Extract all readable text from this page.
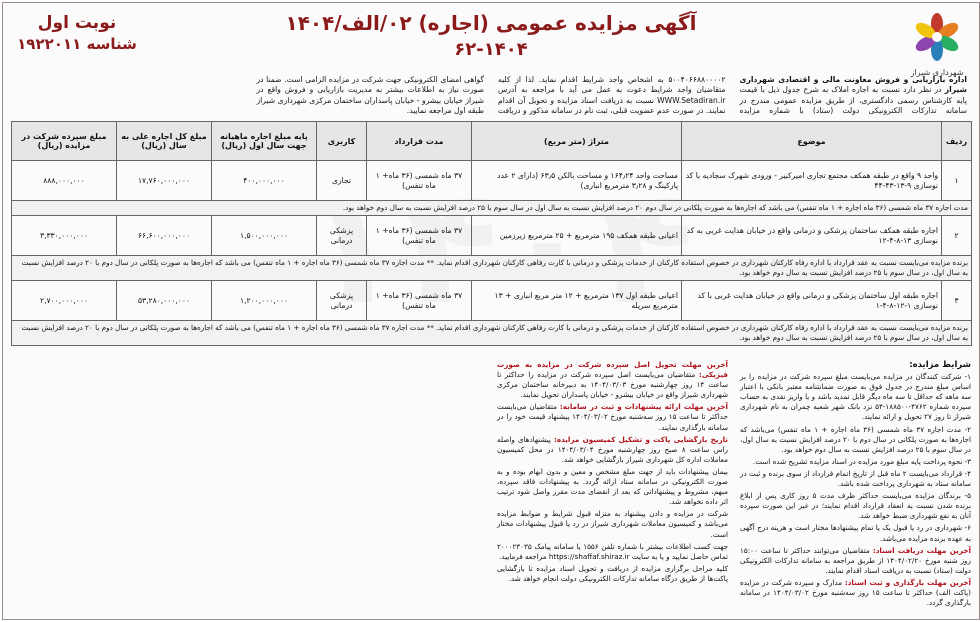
شهرداری شیراز
آگهی مزایده عمومی (اجاره) ۰۲/الف/۱۴۰۴
۶۲-۱۴۰۴
نوبت اول
شناسه ۱۹۲۲۰۱۱
اداره بازاریابی و فروش معاونت مالی و اقتصادی شهرداری شیراز در نظر دارد نسبت به اجاره املاک به شرح جدول ذیل با قیمت پایه کارشناس رسمی دادگستری، از طریق مزایده عمومی مندرج در سامانه تدارکات الکترونیکی دولت (ستاد) با شماره مزایده ۵۰۰۴۰۶۶۸۸۰۰۰۰۲ به اشخاص واجد شرایط اقدام نماید. لذا از کلیه متقاضیان واجد شرایط دعوت به عمل می آید با مراجعه به آدرس WWW.Setadiran.ir نسبت به دریافت اسناد مزایده و تحویل آن اقدام نمایند. در صورت عدم عضویت قبلی، ثبت نام در سامانه مذکور و دریافت گواهی امضای الکترونیکی جهت شرکت در مزایده الزامی است. ضمنا در صورت نیاز به اطلاعات بیشتر به مدیریت بازاریابی و فروش واقع در شیراز خیابان بیشرو - خیابان پاسداران ساختمان مرکزی شهرداری شیراز طبقه اول مراجعه نمایید.
ردیف	موضوع	متراژ (متر مربع)	مدت قرارداد	کاربری	پایه مبلغ اجاره ماهیانه جهت سال اول (ریال)	مبلغ کل اجاره علی به سال (ریال)	مبلغ سپرده شرکت در مزایده (ریال)
۱	واحد ۹ واقع در طبقه همکف مجتمع تجاری امیرکبیر - ورودی شهرک سجادیه با کد نوسازی ۹-۱۳-۴۳-۴۴	مساحت واحد ۱۶۴٫۲۴ و مساحت بالکن ۶۳٫۵ (دارای ۲ عدد پارکینگ و ۳٫۲۸ مترمربع انباری)	۳۷ ماه شمسی (۳۶ ماه+ ۱ ماه تنفس)	تجاری	۴۰۰,۰۰۰,۰۰۰	۱۷,۷۶۰,۰۰۰,۰۰۰	۸۸۸,۰۰۰,۰۰۰
مدت اجاره ۳۷ ماه شمسی (۳۶ ماه اجاره + ۱ ماه تنفس) می باشد که اجاره‌ها به صورت پلکانی در سال دوم ۲۰ درصد افزایش نسبت به سال اول در سال سوم با ۲۵ درصد افزایش نسبت به سال دوم خواهد بود.							
۲	اجاره طبقه همکف ساختمان پزشکی و درمانی واقع در خیابان هدایت غربی به کد نوسازی ۱۳-۸-۴-۱۲	اعیانی طبقه همکف ۱۹۵ مترمربع + ۲۵ مترمربع زیرزمین	۳۷ ماه شمسی (۳۶ ماه+ ۱ ماه تنفس)	پزشکی درمانی	۱,۵۰۰,۰۰۰,۰۰۰	۶۶,۶۰۰,۰۰۰,۰۰۰	۳,۳۳۰,۰۰۰,۰۰۰
برنده مزایده می‌بایست نسبت به عقد قرارداد با اداره رفاه کارکنان شهرداری در خصوص استفاده کارکنان از خدمات پزشکی و درمانی با کارت رفاهی کارکنان شهرداری اقدام نماید. ** مدت اجاره ۳۷ ماه شمسی (۳۶ ماه اجاره + ۱ ماه تنفس) می باشد که اجاره‌ها به صورت پلکانی در سال دوم با ۲۰ درصد افزایش نسبت به سال اول، در سال سوم با ۲۵ درصد افزایش نسبت به سال دوم خواهد بود.							
۳	اجاره طبقه اول ساختمان پزشکی و درمانی واقع در خیابان هدایت غربی با کد نوسازی ۱-۱۲-۸-۴-۱	اعیانی طبقه اول ۱۳۷ مترمربع + ۱۲ متر مربع انباری + ۱۳ مترمربع سرپله	۳۷ ماه شمسی (۳۶ ماه+ ۱ ماه تنفس)	پزشکی درمانی	۱,۲۰۰,۰۰۰,۰۰۰	۵۳,۲۸۰,۰۰۰,۰۰۰	۲,۷۰۰,۰۰۰,۰۰۰
برنده مزایده می‌بایست نسبت به عقد قرارداد با اداره رفاه کارکنان شهرداری در خصوص استفاده کارکنان از خدمات پزشکی و درمانی با کارت رفاهی کارکنان شهرداری اقدام نماید. ** مدت اجاره ۳۷ ماه شمسی (۳۶ ماه اجاره + ۱ ماه تنفس) می باشد که اجاره‌ها به صورت پلکانی در سال دوم با ۲۰ درصد افزایش نسبت به سال اول، در سال سوم با ۲۵ درصد افزایش نسبت به سال دوم خواهد بود.							

شرایط مزایده:

۱- شرکت کنندگان در مزایده می‌بایست مبلغ سپرده شرکت در مزایده را بر اساس مبلغ مندرج در جدول فوق به صورت ضمانتنامه معتبر بانکی با اعتبار سه ماهه که حداقل تا سه ماه دیگر قابل تمدید باشد و یا واریز نقدی به حساب سپرده شماره ۴۷۶۲-۱۸۸۵۰۰-۵۴ نزد بانک شهر شعبه چمران به نام شهرداری شیراز تا روز ۲۷ تحویل و ارائه نمایند.

۲- مدت اجاره ۳۷ ماه شمسی (۳۶ ماه اجاره + ۱ ماه تنفس) می‌باشد که اجاره‌ها به صورت پلکانی در سال دوم با ۲۰ درصد افزایش نسبت به سال اول، در سال سوم با ۲۵ درصد افزایش نسبت به سال دوم خواهد بود.

۳- نحوه پرداخت پایه مبلغ مورد مزایده در اسناد مزایده تشریح شده است.

۴- قرارداد می‌بایست ۲ ماه قبل از تاریخ اتمام قرارداد از سوی برنده و ثبت در سامانه ستاد به شهرداری پرداخت شده باشد.

۵- برندگان مزایده می‌بایست حداکثر ظرف مدت ۵ روز کاری پس از ابلاغ برنده شدن نسبت به انعقاد قرارداد اقدام نمایند؛ در غیر این صورت سپرده آنان به نفع شهرداری ضبط خواهد شد.

۶- شهرداری در رد یا قبول یک یا تمام پیشنهادها مختار است و هزینه درج آگهی به عهده برنده مزایده می‌باشد.

آخرین مهلت دریافت اسناد: متقاضیان می‌توانند حداکثر تا ساعت ۱۵:۰۰ روز شنبه مورخ ۱۴۰۴/۰۲/۲۰ از طریق مراجعه به سامانه تدارکات الکترونیکی دولت (ستاد) نسبت به دریافت اسناد اقدام نمایند.

آخرین مهلت بارگذاری و ثبت اسناد: مدارک و سپرده شرکت در مزایده (پاکت الف) حداکثر تا ساعت ۱۵ روز سه‌شنبه مورخ ۱۴۰۴/۰۳/۰۲ در سامانه بارگذاری گردد.

آخرین مهلت تحویل اصل سپرده شرکت در مزایده به صورت فیزیکی: متقاضیان می‌بایست اصل سپرده شرکت در مزایده را حداکثر تا ساعت ۱۴ روز چهارشنبه مورخ ۱۴۰۴/۰۳/۰۳ به دبیرخانه ساختمان مرکزی شهرداری شیراز واقع در خیابان بیشرو - خیابان پاسداران تحویل نمایند.

آخرین مهلت ارائه پیشنهادات و ثبت در سامانه: متقاضیان می‌بایست حداکثر تا ساعت ۱۵ روز سه‌شنبه مورخ ۱۴۰۴/۰۳/۰۲ پیشنهاد قیمت خود را در سامانه بارگذاری نمایند.

تاریخ بازگشایی پاکت و تشکیل کمیسیون مزایده: پیشنهادهای واصله راس ساعت ۸ صبح روز چهارشنبه مورخ ۱۴۰۴/۰۳/۰۴ در محل کمیسیون معاملات اداره کل شهرداری شیراز بازگشایی خواهد شد.

بیمان پیشنهادات باید از جهت مبلغ مشخص و معین و بدون ابهام بوده و به صورت الکترونیکی در سامانه ستاد ارائه گردد. به پیشنهادات فاقد سپرده، مبهم، مشروط و پیشنهاداتی که بعد از انقضای مدت مقرر واصل شود ترتیب اثر داده نخواهد شد.

شرکت در مزایده و دادن پیشنهاد به منزله قبول شرایط و ضوابط مزایده می‌باشد و کمیسیون معاملات شهرداری شیراز در رد یا قبول پیشنهادات مختار است.

جهت کسب اطلاعات بیشتر با شماره تلفن ۱۵۵۶ یا سامانه پیامک ۲۰۰۰۲۳۰۳۵ تماس حاصل نمایید و یا به سایت https://shaffaf.shiraz.ir مراجعه فرمایید.

کلیه مراحل برگزاری مزایده از دریافت و تحویل اسناد مزایده تا بازگشایی پاکت‌ها از طریق درگاه سامانه تدارکات الکترونیکی دولت انجام خواهد شد.
